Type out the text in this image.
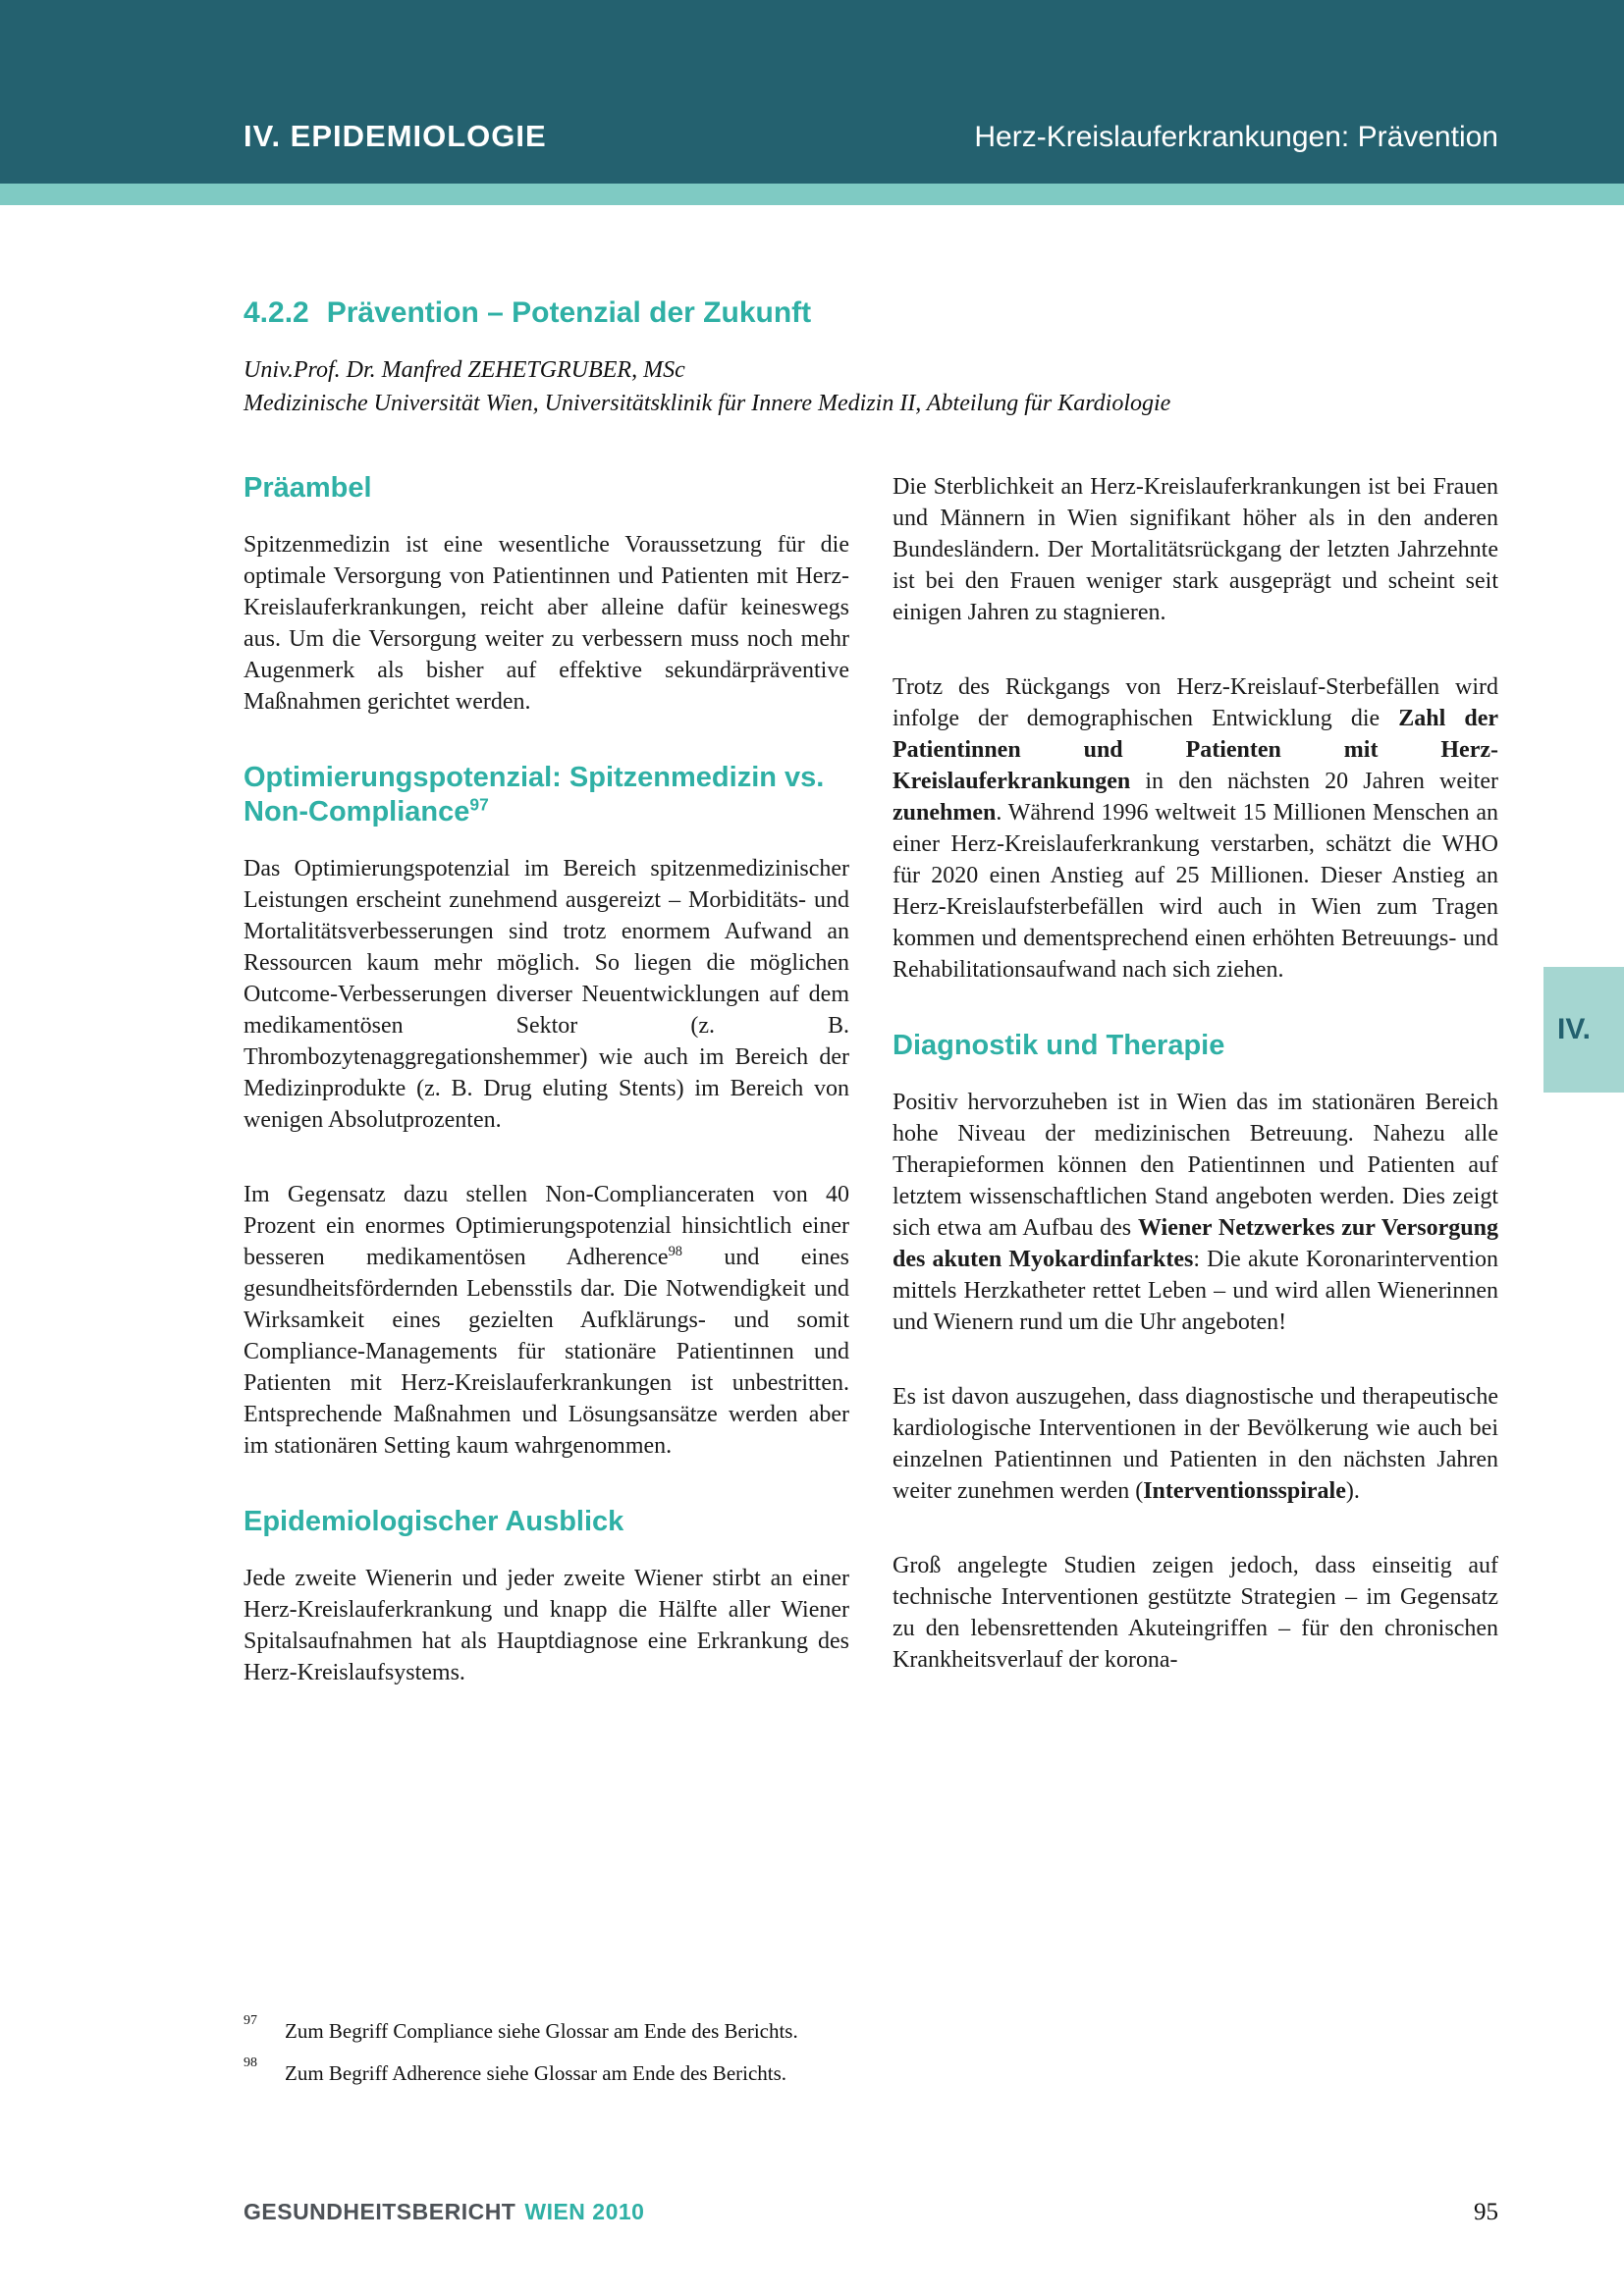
IV. EPIDEMIOLOGIE	Herz-Kreislauferkrankungen: Prävention
IV.
4.2.2 Prävention – Potenzial der Zukunft

Univ.Prof. Dr. Manfred ZEHETGRUBER, MSc

Medizinische Universität Wien, Universitätsklinik für Innere Medizin II, Abteilung für Kardiologie

Präambel

Spitzenmedizin ist eine wesentliche Voraussetzung für die optimale Versorgung von Patientinnen und Patienten mit Herz-Kreislauferkrankungen, reicht aber alleine dafür keineswegs aus. Um die Versorgung weiter zu verbessern muss noch mehr Augenmerk als bisher auf effektive sekundärpräventive Maßnahmen gerichtet werden.

Optimierungspotenzial: Spitzenmedizin vs. Non-Compliance$^{97}$

Das Optimierungspotenzial im Bereich spitzenmedizinischer Leistungen erscheint zunehmend ausgereizt – Morbiditäts- und Mortalitätsverbesserungen sind trotz enormem Aufwand an Ressourcen kaum mehr möglich. So liegen die möglichen Outcome-Verbesserungen diverser Neuentwicklungen auf dem medikamentösen Sektor (z. B. Thrombozytenaggregationshemmer) wie auch im Bereich der Medizinprodukte (z. B. Drug eluting Stents) im Bereich von wenigen Absolutprozenten.

Im Gegensatz dazu stellen Non-Complianceraten von 40 Prozent ein enormes Optimierungspotenzial hinsichtlich einer besseren medikamentösen Adherence$^{98}$ und eines gesundheitsfördernden Lebensstils dar. Die Notwendigkeit und Wirksamkeit eines gezielten Aufklärungs- und somit Compliance-Managements für stationäre Patientinnen und Patienten mit Herz-Kreislauferkrankungen ist unbestritten. Entsprechende Maßnahmen und Lösungsansätze werden aber im stationären Setting kaum wahrgenommen.

Epidemiologischer Ausblick

Jede zweite Wienerin und jeder zweite Wiener stirbt an einer Herz-Kreislauferkrankung und knapp die Hälfte aller Wiener Spitalsaufnahmen hat als Hauptdiagnose eine Erkrankung des Herz-Kreislaufsystems.

Die Sterblichkeit an Herz-Kreislauferkrankungen ist bei Frauen und Männern in Wien signifikant höher als in den anderen Bundesländern. Der Mortalitätsrückgang der letzten Jahrzehnte ist bei den Frauen weniger stark ausgeprägt und scheint seit einigen Jahren zu stagnieren.

Trotz des Rückgangs von Herz-Kreislauf-Sterbefällen wird infolge der demographischen Entwicklung die Zahl der Patientinnen und Patienten mit Herz-Kreislauferkrankungen in den nächsten 20 Jahren weiter zunehmen. Während 1996 weltweit 15 Millionen Menschen an einer Herz-Kreislauferkrankung verstarben, schätzt die WHO für 2020 einen Anstieg auf 25 Millionen. Dieser Anstieg an Herz-Kreislaufsterbefällen wird auch in Wien zum Tragen kommen und dementsprechend einen erhöhten Betreuungs- und Rehabilitationsaufwand nach sich ziehen.

Diagnostik und Therapie

Positiv hervorzuheben ist in Wien das im stationären Bereich hohe Niveau der medizinischen Betreuung. Nahezu alle Therapieformen können den Patientinnen und Patienten auf letztem wissenschaftlichen Stand angeboten werden. Dies zeigt sich etwa am Aufbau des Wiener Netzwerkes zur Versorgung des akuten Myokardinfarktes: Die akute Koronarintervention mittels Herzkatheter rettet Leben – und wird allen Wienerinnen und Wienern rund um die Uhr angeboten!

Es ist davon auszugehen, dass diagnostische und therapeutische kardiologische Interventionen in der Bevölkerung wie auch bei einzelnen Patientinnen und Patienten in den nächsten Jahren weiter zunehmen werden (Interventionsspirale).

Groß angelegte Studien zeigen jedoch, dass einseitig auf technische Interventionen gestützte Strategien – im Gegensatz zu den lebensrettenden Akuteingriffen – für den chronischen Krankheitsverlauf der korona-

97	Zum Begriff Compliance siehe Glossar am Ende des Berichts.
98	Zum Begriff Adherence siehe Glossar am Ende des Berichts.
GESUNDHEITSBERICHT WIEN 2010	95
